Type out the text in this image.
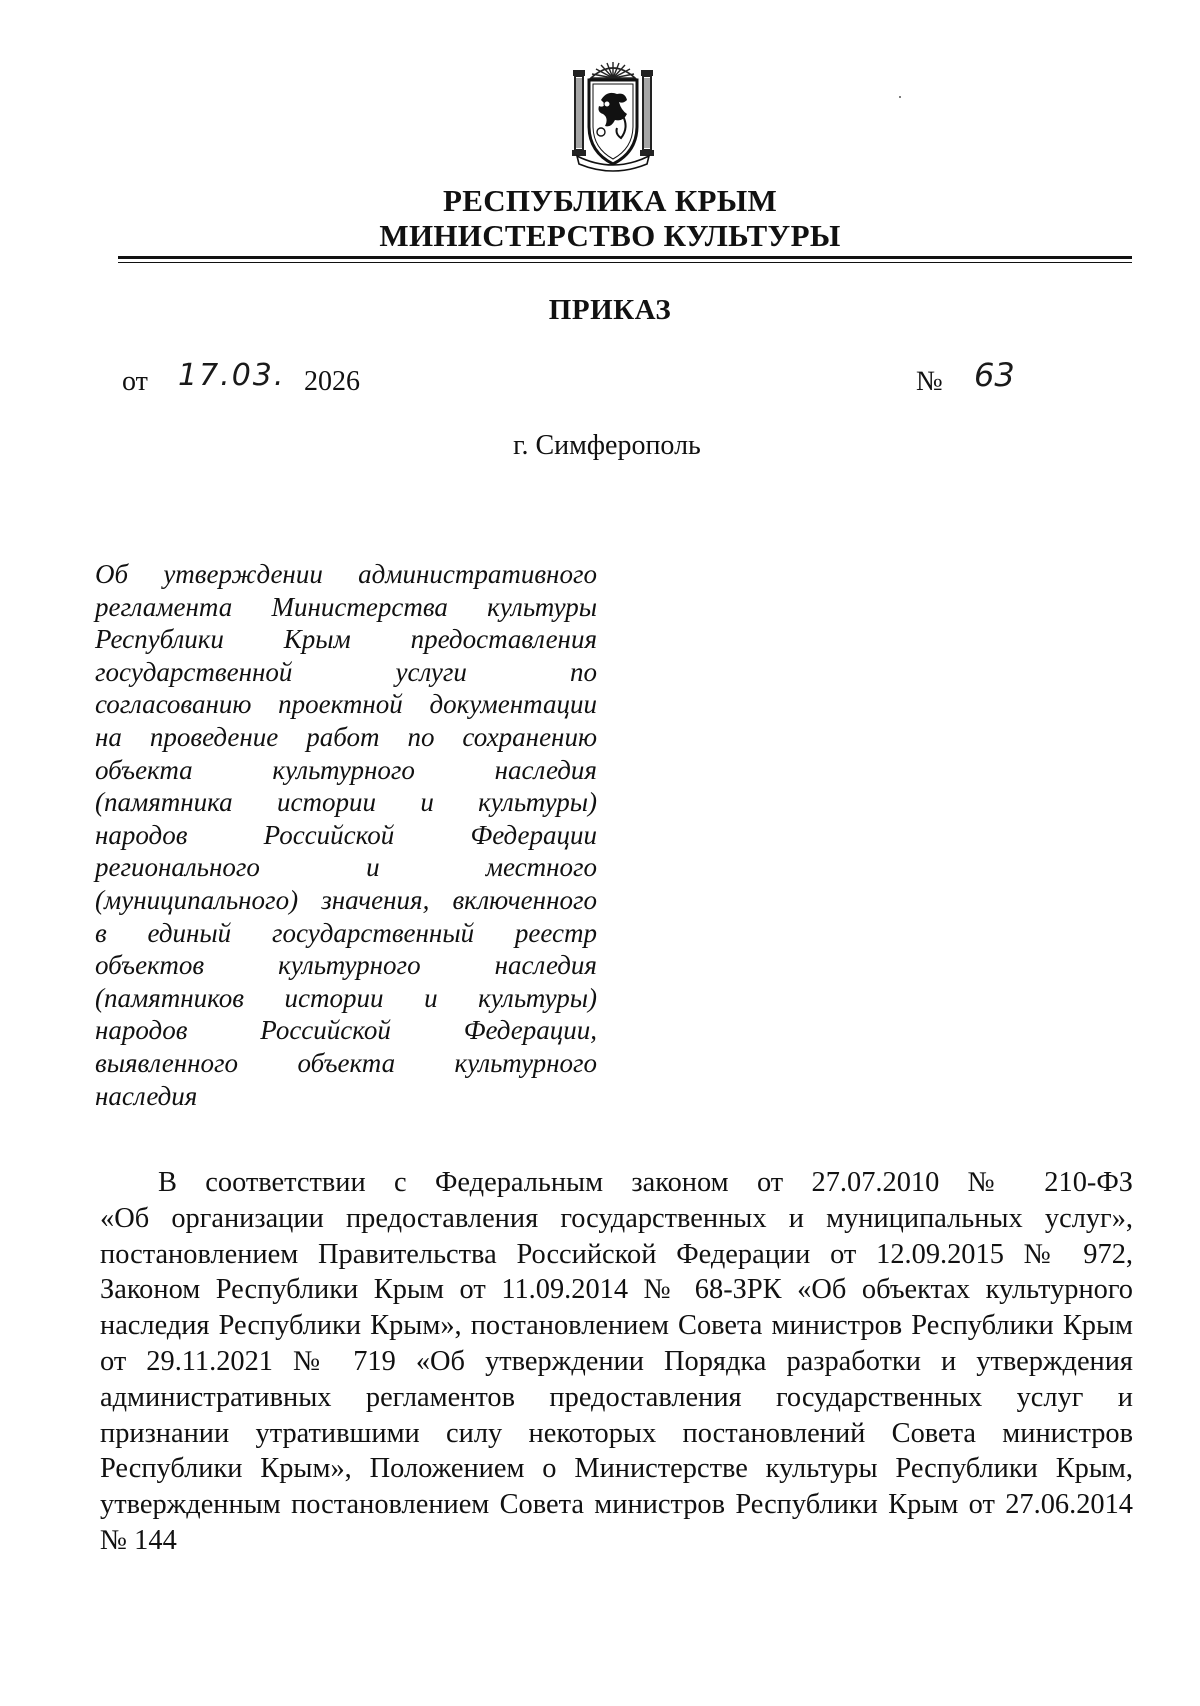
РЕСПУБЛИКА КРЫМ
МИНИСТЕРСТВО КУЛЬТУРЫ
ПРИКАЗ
от 17.03. 2026	№ 63
г. Симферополь
Об утверждении административного
регламента Министерства культуры
Республики Крым предоставления
государственной услуги по
согласованию проектной документации
на проведение работ по сохранению
объекта культурного наследия
(памятника истории и культуры)
народов Российской Федерации
регионального и местного
(муниципального) значения, включенного
в единый государственный реестр
объектов культурного наследия
(памятников истории и культуры)
народов Российской Федерации,
выявленного объекта культурного
наследия
В соответствии с Федеральным законом от 27.07.2010 № 210-ФЗ
«Об организации предоставления государственных и муниципальных услуг»,
постановлением Правительства Российской Федерации от 12.09.2015 № 972,
Законом Республики Крым от 11.09.2014 № 68-ЗРК «Об объектах культурного
наследия Республики Крым», постановлением Совета министров Республики Крым
от 29.11.2021 № 719 «Об утверждении Порядка разработки и утверждения
административных регламентов предоставления государственных услуг и
признании утратившими силу некоторых постановлений Совета министров
Республики Крым», Положением о Министерстве культуры Республики Крым,
утвержденным постановлением Совета министров Республики Крым от 27.06.2014
№ 144
